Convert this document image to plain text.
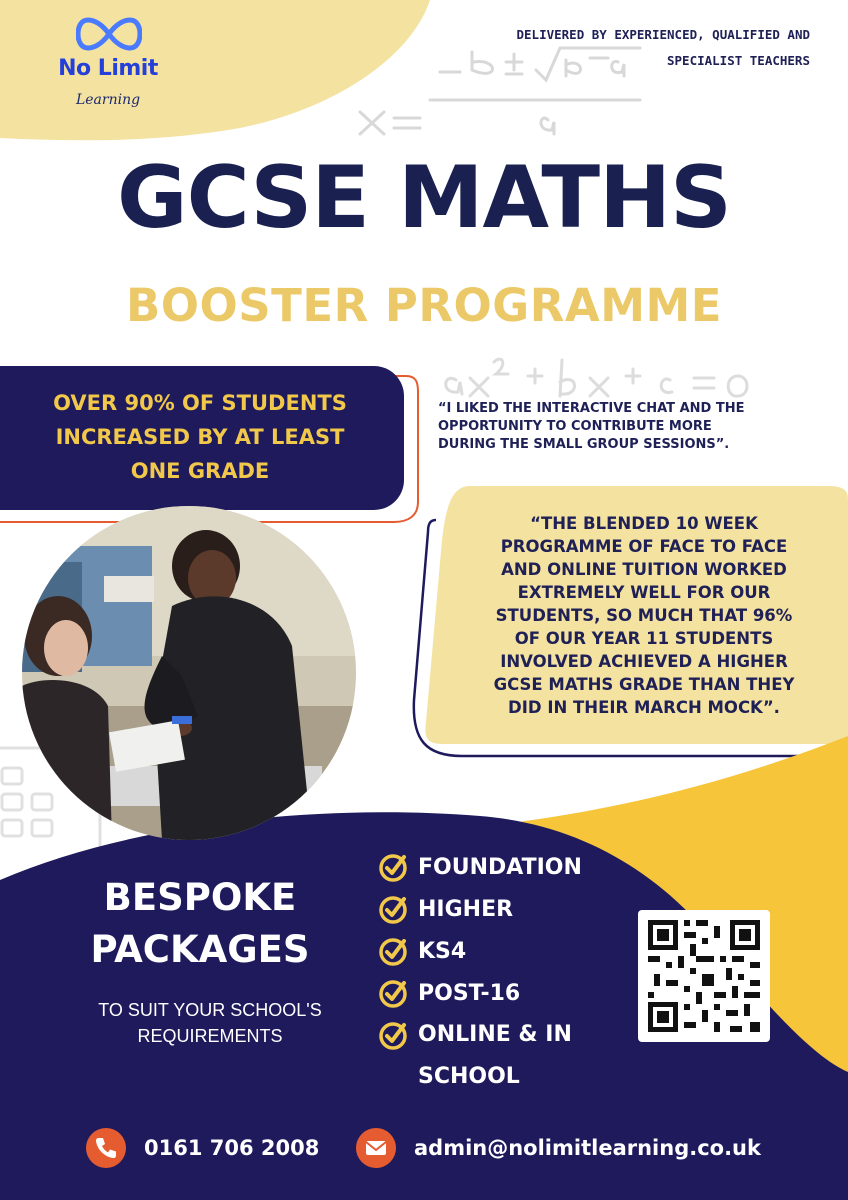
No Limit
Learning
DELIVERED BY EXPERIENCED, QUALIFIED AND SPECIALIST TEACHERS
GCSE MATHS
BOOSTER PROGRAMME
OVER 90% OF STUDENTS
INCREASED BY AT LEAST
ONE GRADE
“I LIKED THE INTERACTIVE CHAT AND THE
OPPORTUNITY TO CONTRIBUTE MORE
DURING THE SMALL GROUP SESSIONS”.
“THE BLENDED 10 WEEK
PROGRAMME OF FACE TO FACE
AND ONLINE TUITION WORKED
EXTREMELY WELL FOR OUR
STUDENTS, SO MUCH THAT 96%
OF OUR YEAR 11 STUDENTS
INVOLVED ACHIEVED A HIGHER
GCSE MATHS GRADE THAN THEY
DID IN THEIR MARCH MOCK”.
BESPOKE
PACKAGES
TO SUIT YOUR SCHOOL'S
REQUIREMENTS
FOUNDATION
HIGHER
KS4
POST-16
ONLINE & IN SCHOOL
0161 706 2008	admin@nolimitlearning.co.uk
